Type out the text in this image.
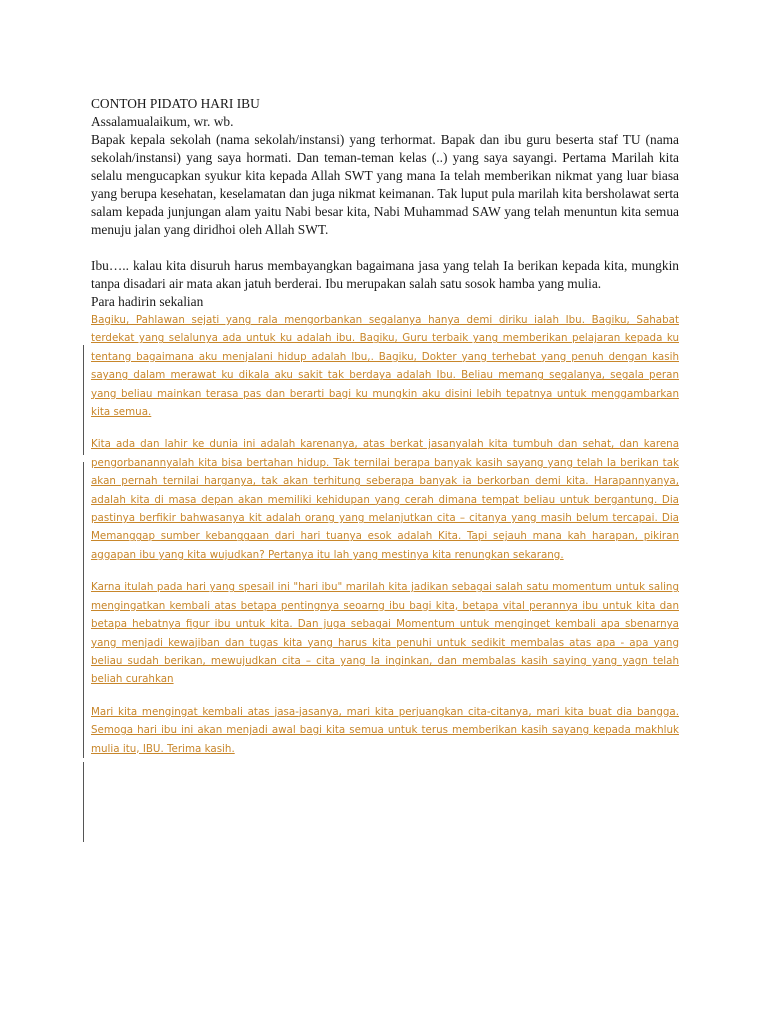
CONTOH PIDATO HARI IBU

Assalamualaikum, wr. wb.

Bapak kepala sekolah (nama sekolah/instansi) yang terhormat. Bapak dan ibu guru beserta staf TU (nama sekolah/instansi) yang saya hormati. Dan teman-teman kelas (..) yang saya sayangi. Pertama Marilah kita selalu mengucapkan syukur kita kepada Allah SWT yang mana Ia telah memberikan nikmat yang luar biasa yang berupa kesehatan, keselamatan dan juga nikmat keimanan. Tak luput pula marilah kita bersholawat serta salam kepada junjungan alam yaitu Nabi besar kita, Nabi Muhammad SAW yang telah menuntun kita semua menuju jalan yang diridhoi oleh Allah SWT.

Ibu….. kalau kita disuruh harus membayangkan bagaimana jasa yang telah Ia berikan kepada kita, mungkin tanpa disadari air mata akan jatuh berderai. Ibu merupakan salah satu sosok hamba yang mulia.

Para hadirin sekalian

Bagiku, Pahlawan sejati yang rala mengorbankan segalanya hanya demi diriku ialah Ibu. Bagiku, Sahabat terdekat yang selalunya ada untuk ku adalah ibu. Bagiku, Guru terbaik yang memberikan pelajaran kepada ku tentang bagaimana aku menjalani hidup adalah Ibu,. Bagiku, Dokter yang terhebat yang penuh dengan kasih sayang dalam merawat ku dikala aku sakit tak berdaya adalah Ibu. Beliau memang segalanya, segala peran yang beliau mainkan terasa pas dan berarti bagi ku mungkin aku disini lebih tepatnya untuk menggambarkan kita semua.

Kita ada dan lahir ke dunia ini adalah karenanya, atas berkat jasanyalah kita tumbuh dan sehat, dan karena pengorbanannyalah kita bisa bertahan hidup. Tak ternilai berapa banyak kasih sayang yang telah Ia berikan tak akan pernah ternilai harganya, tak akan terhitung seberapa banyak ia berkorban demi kita. Harapannyanya, adalah kita di masa depan akan memiliki kehidupan yang cerah dimana tempat beliau untuk bergantung. Dia pastinya berfikir bahwasanya kit adalah orang yang melanjutkan cita – citanya yang masih belum tercapai. Dia Memanggap sumber kebanggaan dari hari tuanya esok adalah Kita. Tapi sejauh mana kah harapan, pikiran aggapan ibu yang kita wujudkan? Pertanya itu lah yang mestinya kita renungkan sekarang.

Karna itulah pada hari yang spesail ini "hari ibu" marilah kita jadikan sebagai salah satu momentum untuk saling mengingatkan kembali atas betapa pentingnya seoarng ibu bagi kita, betapa vital perannya ibu untuk kita dan betapa hebatnya figur ibu untuk kita. Dan juga sebagai Momentum untuk menginget kembali apa sbenarnya yang menjadi kewajiban dan tugas kita yang harus kita penuhi untuk sedikit membalas atas apa - apa yang beliau sudah berikan, mewujudkan cita – cita yang Ia inginkan, dan membalas kasih saying yang yagn telah beliah curahkan

Mari kita mengingat kembali atas jasa-jasanya, mari kita perjuangkan cita-citanya, mari kita buat dia bangga. Semoga hari ibu ini akan menjadi awal bagi kita semua untuk terus memberikan kasih sayang kepada makhluk mulia itu, IBU. Terima kasih.
